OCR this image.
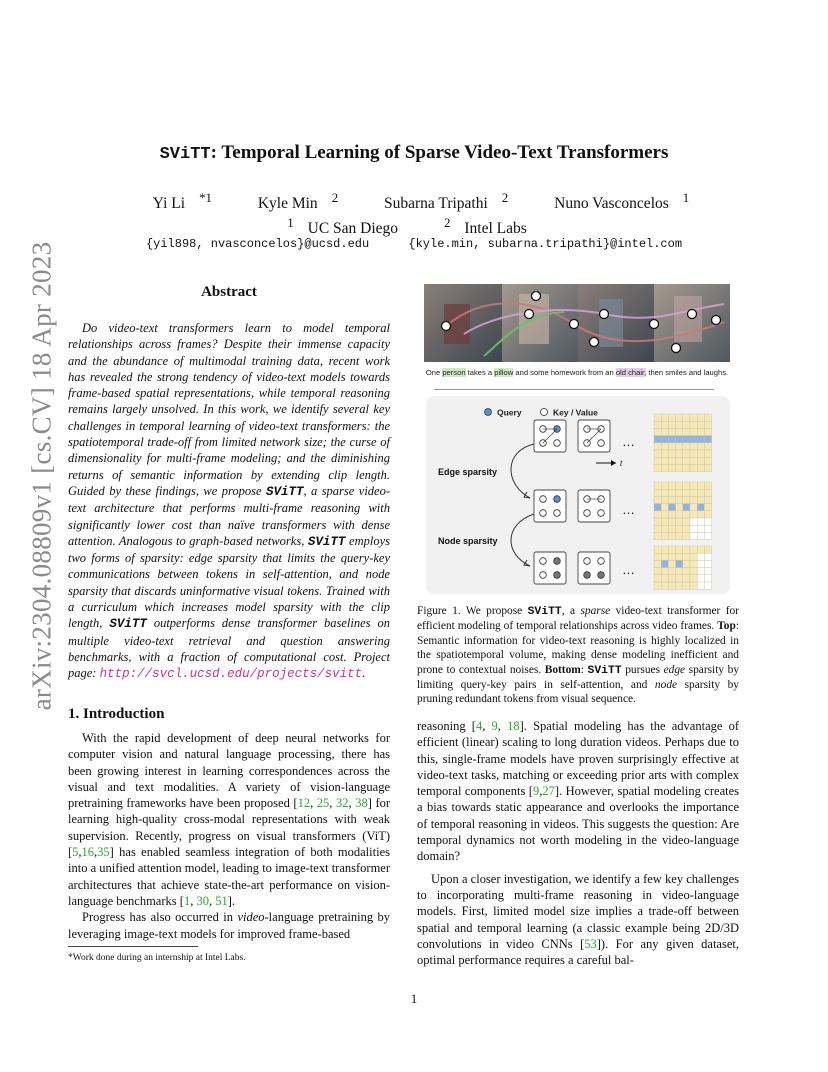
arXiv:2304.08809v1 [cs.CV] 18 Apr 2023
SViTT: Temporal Learning of Sparse Video-Text Transformers
Yi Li $^{*1}$	Kyle Min $^2$	Subarna Tripathi $^2$	Nuno Vasconcelos $^1$
$^1$ UC San Diego	$^2$ Intel Labs
{yil898, nvasconcelos}@ucsd.edu	{kyle.min, subarna.tripathi}@intel.com
Abstract

Do video-text transformers learn to model temporal relationships across frames? Despite their immense capacity and the abundance of multimodal training data, recent work has revealed the strong tendency of video-text models towards frame-based spatial representations, while temporal reasoning remains largely unsolved. In this work, we identify several key challenges in temporal learning of video-text transformers: the spatiotemporal trade-off from limited network size; the curse of dimensionality for multi-frame modeling; and the diminishing returns of semantic information by extending clip length. Guided by these findings, we propose SViTT, a sparse video-text architecture that performs multi-frame reasoning with significantly lower cost than naïve transformers with dense attention. Analogous to graph-based networks, SViTT employs two forms of sparsity: edge sparsity that limits the query-key communications between tokens in self-attention, and node sparsity that discards uninformative visual tokens. Trained with a curriculum which increases model sparsity with the clip length, SViTT outperforms dense transformer baselines on multiple video-text retrieval and question answering benchmarks, with a fraction of computational cost. Project page: http://svcl.ucsd.edu/projects/svitt.

1. Introduction

With the rapid development of deep neural networks for computer vision and natural language processing, there has been growing interest in learning correspondences across the visual and text modalities. A variety of vision-language pretraining frameworks have been proposed [12, 25, 32, 38] for learning high-quality cross-modal representations with weak supervision. Recently, progress on visual transformers (ViT) [5,16,35] has enabled seamless integration of both modalities into a unified attention model, leading to image-text transformer architectures that achieve state-the-art performance on vision-language benchmarks [1, 30, 51].

Progress has also occurred in video-language pretraining by leveraging image-text models for improved frame-based

*Work done during an internship at Intel Labs.
One person takes a pillow and some homework from an old chair, then smiles and laughs.
Query	Key / Value
Edge sparsity
Node sparsity
t
…
…
…

Figure 1. We propose SViTT, a sparse video-text transformer for efficient modeling of temporal relationships across video frames. Top: Semantic information for video-text reasoning is highly localized in the spatiotemporal volume, making dense modeling inefficient and prone to contextual noises. Bottom: SViTT pursues edge sparsity by limiting query-key pairs in self-attention, and node sparsity by pruning redundant tokens from visual sequence.

reasoning [4, 9, 18]. Spatial modeling has the advantage of efficient (linear) scaling to long duration videos. Perhaps due to this, single-frame models have proven surprisingly effective at video-text tasks, matching or exceeding prior arts with complex temporal components [9,27]. However, spatial modeling creates a bias towards static appearance and overlooks the importance of temporal reasoning in videos. This suggests the question: Are temporal dynamics not worth modeling in the video-language domain?

Upon a closer investigation, we identify a few key challenges to incorporating multi-frame reasoning in video-language models. First, limited model size implies a trade-off between spatial and temporal learning (a classic example being 2D/3D convolutions in video CNNs [53]). For any given dataset, optimal performance requires a careful bal-

1
